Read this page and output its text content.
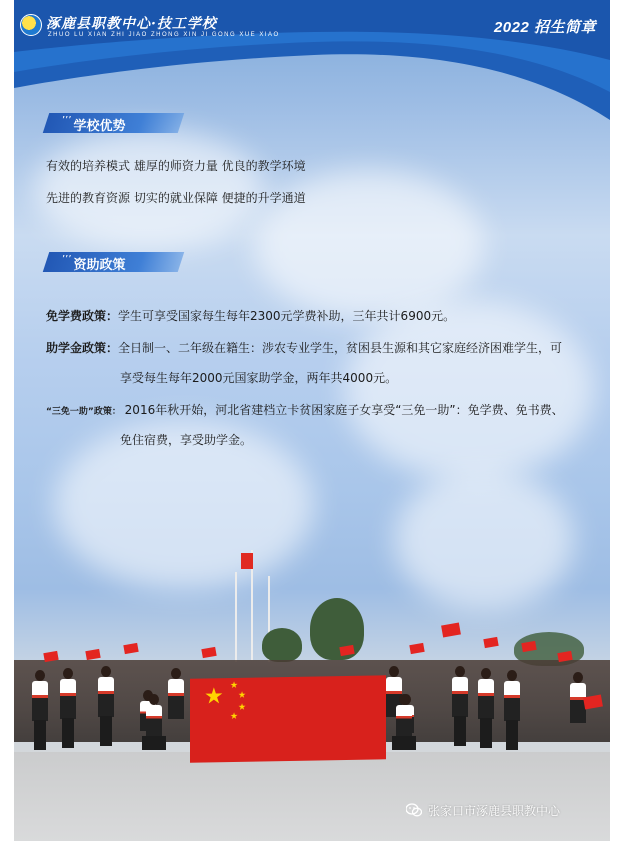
涿鹿县职教中心·技工学校
ZHUO LU XIAN ZHI JIAO ZHONG XIN JI GONG XUE XIAO	2022 招生简章
’’’ 学校优势
有效的培养模式 雄厚的师资力量 优良的教学环境
先进的教育资源 切实的就业保障 便捷的升学通道
’’’ 资助政策
免学费政策：学生可享受国家每生每年2300元学费补助，三年共计6900元。
助学金政策：全日制一、二年级在籍生：涉农专业学生，贫困县生源和其它家庭经济困难学生，可
享受每生每年2000元国家助学金，两年共4000元。
“三免一助”政策： 2016年秋开始，河北省建档立卡贫困家庭子女享受“三免一助”：免学费、免书费、
免住宿费，享受助学金。
★ ★
★
★
★
张家口市涿鹿县职教中心
